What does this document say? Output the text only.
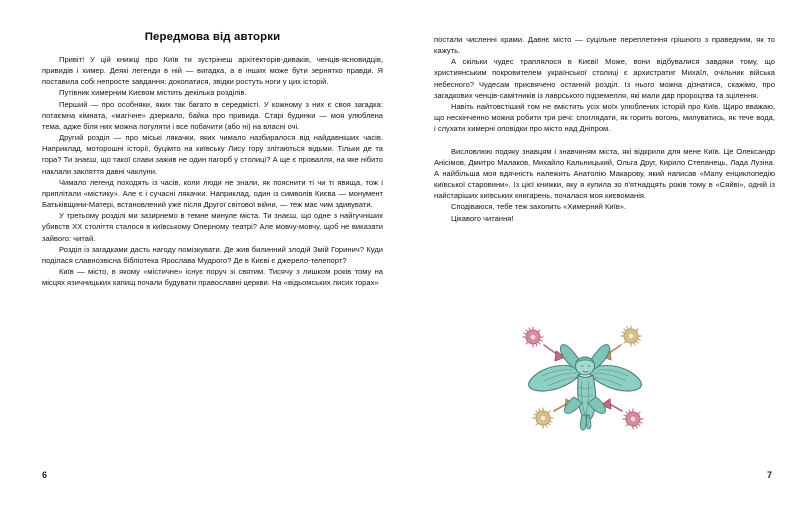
Передмова від авторки

Привіт! У цій книжці про Київ ти зустрінеш архітекторів-диваків, ченців-ясновидців, привидів і химер. Деякі легенди в ній — вигадка, а в інших може бути зернятко правди. Я поставила собі непросте завдання: докопатися, звідки ростуть ноги у цих історій.

Путівник химерним Києвом містить декілька розділів.

Перший — про особняки, яких так багато в середмісті. У кожному з них є своя загадка: потаємна кімната, «магічне» дзеркало, байка про привида. Старі будинки — моя улюблена тема, адже біля них можна погуляти і все побачити (або ні) на власні очі.

Другий розділ — про міські лякачки, яких чимало назбиралося від найдавніших часів. Наприклад, моторошні історії, буцімто на київську Лису гору злітаються відьми. Тільки де та гора? Ти знаєш, що такої слави зажив не один пагорб у столиці? А ще є провалля, на яке нібито наклали закляття давні чаклуни.

Чимало легенд походять із часів, коли люди не знали, як пояснити ті чи ті явища, тож і приплітали «містику». Але є і сучасні лякачки. Наприклад, один із символів Києва — монумент Батьківщини-Матері, встановлений уже після Другої світової війни, — теж має чим здивувати.

У третьому розділі ми зазирнемо в темне минуле міста. Ти знаєш, що одне з найгучніших убивств XX століття сталося в київському Оперному театрі? Але мовчу-мовчу, щоб не виказати зайвого: читай.

Розділ із загадками дасть нагоду помізкувати. Де жив билинний злодій Змій Горинич? Куди поділася славнозвісна бібліотека Ярослава Мудрого? Де в Києві є джерело-телепорт?

Київ — місто, в якому «містичне» існує поруч зі святим. Тисячу з лишком років тому на місцях язичницьких капищ почали будувати православні церкви. На «відьомських лисих горах»

6

постали численні храми. Давнє місто — суцільне переплетіння грішного з праведним, як то кажуть.

А скільки чудес траплялося в Києві! Може, вони відбувалися завдяки тому, що християнським покровителем української столиці є архистратиг Михаїл, очільник війська небесного? Чудесам присвячено останній розділ. Із нього можна дізнатися, скажімо, про загадкових ченців-самітників із лаврського підземелля, які мали дар пророцтва та зцілення.

Навіть найтовстіший том не вмістить усіх моїх улюблених історій про Київ. Щиро вважаю, що нескінченно можна робити три речі: споглядати, як горить вогонь, милуватись, як тече вода, і слухати химерні оповідки про місто над Дніпром.

Висловлюю подяку знавцям і знавчиням міста, які відкрили для мене Київ. Це Олександр Анісімов, Дмитро Малаков, Михайло Кальницький, Ольга Друг, Кирило Степанець, Лада Лузіна. А найбільша моя вдячність належить Анатолію Макарову, який написав «Малу енциклопедію київської старовини». Із цієї книжки, яку я купила зо п'ятнадцять років тому в «Сяйві», одній із найстаріших київських книгарень, почалася моя києвоманія.

Сподіваюся, тебе теж захопить «Химерний Київ».

Цікавого читання!

7
